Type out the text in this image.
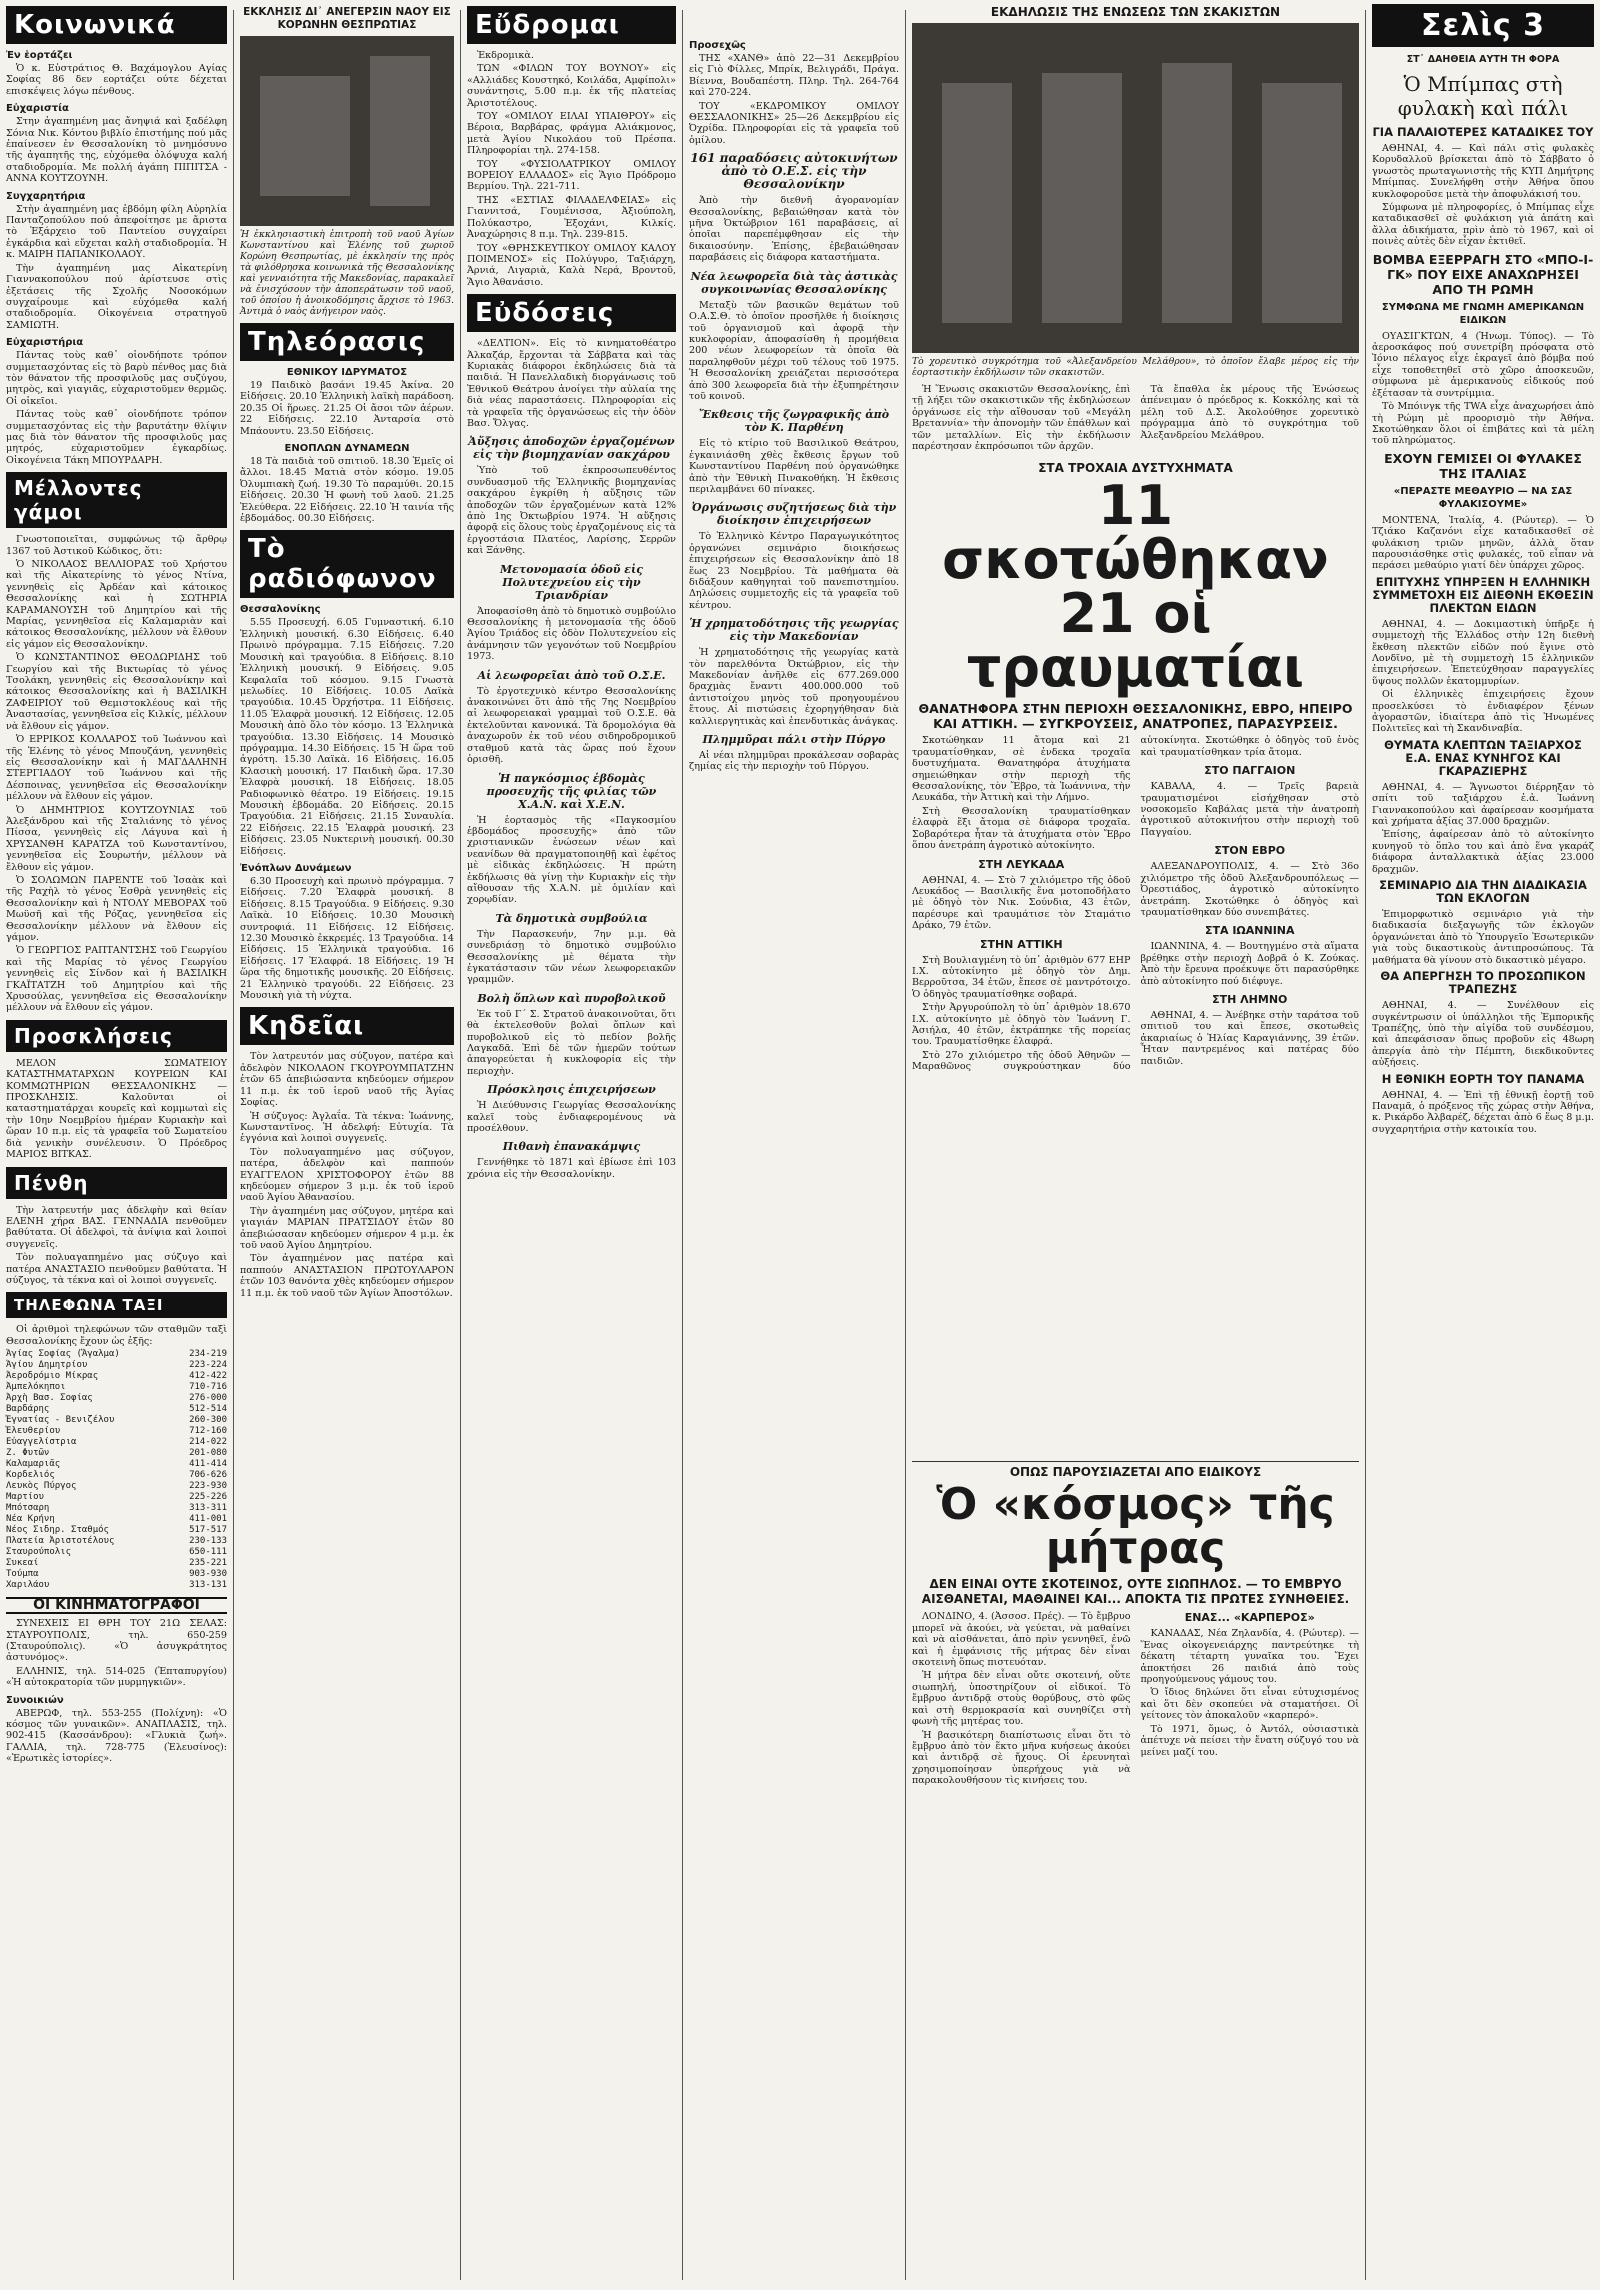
Κοινωνικά
Ἐν ἑορτάζει

Ὁ κ. Εὐστράτιος Θ. Βαχάμογλου Αγίας Σοφίας 86 δεν εορτάζει ούτε δέχεται επισκέψεις λόγω πένθους.

Εὐχαριστία

Στην ἀγαπημένη μας ἄνηψιά καὶ ξαδέλφη Σόνια Νικ. Κόντου βιβλίο ἐπιστήμης πού μᾶς ἐπαίνεσεν ἐν Θεσσαλονίκη τὸ μνημόσυνο τῆς ἀγαπητῆς της, εὐχόμεθα ὁλόψυχα καλή σταδιοδρομία. Με πολλή ἀγάπη ΠΙΠΙΤΣΑ - ΑΝΝΑ ΚΟΥΤΖΟΥΝΗ.

Συγχαρητήρια

Στὴν ἀγαπημένη μας ἐβδόμη φίλη Αὐρηλία Πανταζοπούλου πού ἀπεφοίτησε με ἄριστα τὸ Ἐξάρχειο τοῦ Παντείου συγχαίρει ἐγκάρδια καὶ εὔχεται καλὴ σταδιοδρομία. Ἡ κ. ΜΑΙΡΗ ΠΑΠΑΝΙΚΟΛΑΟΥ.

Τὴν ἀγαπημένη μας Αἰκατερίνη Γιαννακοπούλου πού ἀρίστευσε στὶς ἐξετάσεις τῆς Σχολῆς Νοσοκόμων συγχαίρουμε καὶ εὐχόμεθα καλή σταδιοδρομία. Οἰκογένεια στρατηγοῦ ΣΑΜΙΩΤΗ.

Εὐχαριστήρια

Πάντας τοὺς καθ᾽ οἱονδήποτε τρόπον συμμετασχόντας εἰς τὸ βαρὺ πένθος μας διὰ τὸν θάνατον τῆς προσφιλοῦς μας συζύγου, μητρὸς, καὶ γιαγιᾶς, εὐχαριστοῦμεν θερμῶς. Οἱ οἰκεῖοι.

Πάντας τοὺς καθ᾽ οἱονδήποτε τρόπον συμμετασχόντας εἰς τὴν βαρυτάτην θλίψιν μας διὰ τὸν θάνατον τῆς προσφιλοῦς μας μητρός, εὐχαριστοῦμεν ἐγκαρδίως. Οἰκογένεια Τάκη ΜΠΟΥΡΔΑΡΗ.

Μέλλοντες γάμοι

Γνωστοποιεῖται, συμφώνως τῷ ἄρθρῳ 1367 τοῦ Ἀστικοῦ Κώδικος, ὅτι:

Ὁ ΝΙΚΟΛΑΟΣ ΒΕΛΛΙΟΡΑΣ τοῦ Χρήστου καὶ τῆς Αἰκατερίνης τὸ γένος Ντίνα, γεννηθεὶς εἰς Ἀρδέαν καὶ κάτοικος Θεσσαλονίκης καὶ ἡ ΣΩΤΗΡΙΑ ΚΑΡΑΜΑΝΟΥΣΗ τοῦ Δημητρίου καὶ τῆς Μαρίας, γεννηθεῖσα εἰς Καλαμαριὰν καὶ κάτοικος Θεσσαλονίκης, μέλλουν νὰ ἔλθουν εἰς γάμον εἰς Θεσσαλονίκην.

Ὁ ΚΩΝΣΤΑΝΤΙΝΟΣ ΘΕΟΔΩΡΙΔΗΣ τοῦ Γεωργίου καὶ τῆς Βικτωρίας τὸ γένος Τσολάκη, γεννηθεὶς εἰς Θεσσαλονίκην καὶ κάτοικος Θεσσαλονίκης καὶ ἡ ΒΑΣΙΛΙΚΗ ΖΑΦΕΙΡΙΟΥ τοῦ Θεμιστοκλέους καὶ τῆς Ἀναστασίας, γεννηθεῖσα εἰς Κιλκίς, μέλλουν νὰ ἔλθουν εἰς γάμον.

Ὁ ΕΡΡΙΚΟΣ ΚΟΛΛΑΡΟΣ τοῦ Ἰωάννου καὶ τῆς Ἑλένης τὸ γένος Μπουζάνη, γεννηθεὶς εἰς Θεσσαλονίκην καὶ ἡ ΜΑΓΔΑΛΗΝΗ ΣΤΕΡΓΙΑΔΟΥ τοῦ Ἰωάννου καὶ τῆς Δέσποινας, γεννηθεῖσα εἰς Θεσσαλονίκην μέλλουν νὰ ἔλθουν εἰς γάμον.

Ὁ ΔΗΜΗΤΡΙΟΣ ΚΟΥΤΖΟΥΝΙΑΣ τοῦ Ἀλεξάνδρου καὶ τῆς Σταλιάνης τὸ γένος Πίσσα, γεννηθεὶς εἰς Λάγυνα καὶ ἡ ΧΡΥΣΑΝΘΗ ΚΑΡΑΤΖΑ τοῦ Κωνσταντίνου, γεννηθεῖσα εἰς Σουρωτήν, μέλλουν νὰ ἔλθουν εἰς γάμον.

Ὁ ΣΟΛΩΜΩΝ ΠΑΡΕΝΤΕ τοῦ Ἰσαὰκ καὶ τῆς Ραχὴλ τὸ γένος Ἐσθρὰ γεννηθεὶς εἰς Θεσσαλονίκην καὶ ἡ ΝΤΟΛΥ ΜΕΒΟΡΑΧ τοῦ Μωϋσῆ καὶ τῆς Ρόζας, γεννηθεῖσα εἰς Θεσσαλονίκην μέλλουν νὰ ἔλθουν εἰς γάμον.

Ὁ ΓΕΩΡΓΙΟΣ ΡΑΠΤΑΝΤΣΗΣ τοῦ Γεωργίου καὶ τῆς Μαρίας τὸ γένος Γεωργίου γεννηθεὶς εἰς Σίνδον καὶ ἡ ΒΑΣΙΛΙΚΗ ΓΚΑΪΤΑΤΖΗ τοῦ Δημητρίου καὶ τῆς Χρυσούλας, γεννηθεῖσα εἰς Θεσσαλονίκην μέλλουν νὰ ἔλθουν εἰς γάμον.

Προσκλήσεις

ΜΕΛΟΝ ΣΩΜΑΤΕΙΟΥ ΚΑΤΑΣΤΗΜΑΤΑΡΧΩΝ ΚΟΥΡΕΙΩΝ ΚΑΙ ΚΟΜΜΩΤΗΡΙΩΝ ΘΕΣΣΑΛΟΝΙΚΗΣ — ΠΡΟΣΚΛΗΣΙΣ. Καλοῦνται οἱ καταστηματάρχαι κουρεῖς καὶ κομμωταὶ εἰς τὴν 10ην Νοεμβρίου ἡμέραν Κυριακὴν καὶ ὥραν 10 π.μ. εἰς τὰ γραφεῖα τοῦ Σωματείου διὰ γενικὴν συνέλευσιν. Ὁ Πρόεδρος ΜΑΡΙΟΣ ΒΙΤΚΑΣ.

Πένθη

Τὴν λατρευτήν μας ἀδελφὴν καὶ θείαν ΕΛΕΝΗ χήρα ΒΑΣ. ΓΕΝΝΑΔΙΑ πενθοῦμεν βαθύτατα. Οἱ ἀδελφοὶ, τὰ ἀνίψια καὶ λοιποὶ συγγενεῖς.

Τὸν πολυαγαπημένο μας σύζυγο καὶ πατέρα ΑΝΑΣΤΑΣΙΟ πενθοῦμεν βαθύτατα. Ἡ σύζυγος, τὰ τέκνα καὶ οἱ λοιποὶ συγγενεῖς.

ΤΗΛΕΦΩΝΑ ΤΑΞΙ

Οἱ ἀριθμοὶ τηλεφώνων τῶν σταθμῶν ταξὶ Θεσσαλονίκης ἔχουν ὡς ἑξῆς:

Ἁγίας Σοφίας (Ἄγαλμα)	234-219
Ἁγίου Δημητρίου	223-224
Ἀεροδρόμιο Μίκρας	412-422
Ἀμπελόκηποι	710-716
Ἀρχὴ Βασ. Σοφίας	276-000
Βαρδάρης	512-514
Ἐγνατίας - Βενιζέλου	260-300
Ἑλευθερίου	712-160
Εὐαγγελίστρια	214-022
Ζ. Φυτῶν	201-080
Καλαμαριᾶς	411-414
Κορδελιός	706-626
Λευκὸς Πύργος	223-930
Μαρτίου	225-226
Μπότσαρη	313-311
Νέα Κρήνη	411-001
Νέος Σιδηρ. Σταθμός	517-517
Πλατεία Ἀριστοτέλους	230-133
Σταυρούπολις	650-111
Συκεαί	235-221
Τούμπα	903-930
Χαριλάου	313-131
ΟΙ ΚΙΝΗΜΑΤΟΓΡΑΦΟΙ

ΣΥΝΕΧΕΙΣ ΕΙ ΘΡΗ ΤΟΥ 21Ω ΣΕΛΑΣ: ΣΤΑΥΡΟΥΠΟΛΙΣ, τηλ. 650-259 (Σταυρούπολις). «Ὁ ἀσυγκράτητος ἀστυνόμος».

ΕΛΛΗΝΙΣ, τηλ. 514-025 (Ἐπταπυργίου) «Ἡ αὐτοκρατορία τῶν μυρμηγκιῶν».

Συνοικιών

ΑΒΕΡΩΦ, τηλ. 553-255 (Πολίχνη): «Ὁ κόσμος τῶν γυναικῶν». ΑΝΑΠΛΑΣΙΣ, τηλ. 902-415 (Κασσάνδρου): «Γλυκιὰ ζωή». ΓΑΛΛΙΑ, τηλ. 728-775 (Ἐλευσίνος): «Ἐρωτικὲς ἱστορίες».

ΕΚΚΛΗΣΙΣ ΔΙ᾽ ΑΝΕΓΕΡΣΙΝ ΝΑΟΥ ΕΙΣ ΚΟΡΩΝΗΝ ΘΕΣΠΡΩΤΙΑΣ
Ἡ ἐκκλησιαστικὴ ἐπιτροπὴ τοῦ ναοῦ Ἁγίων Κωνσταντίνου καὶ Ἑλένης τοῦ χωριοῦ Κορώνη Θεσπρωτίας, μὲ ἐκκλησίν της πρὸς τὰ φιλόθρησκα κοινωνικὰ τῆς Θεσσαλονίκης καὶ γενναιότητα τῆς Μακεδονίας, παρακαλεῖ νὰ ἐνισχύσουν τὴν ἀποπεράτωσιν τοῦ ναοῦ, τοῦ ὁποίου ἡ ἀνοικοδόμησις ἄρχισε τὸ 1963. Ἀντιμὰ ὁ ναὸς ἀνήγειρον ναὸς.
Τηλεόρασις
ΕΘΝΙΚΟΥ ΙΔΡΥΜΑΤΟΣ

19 Παιδικὸ βασάνι 19.45 Ἀκίνα. 20 Εἰδήσεις. 20.10 Ἑλληνικὴ λαϊκὴ παράδοση. 20.35 Οἱ ἥρωες. 21.25 Οἱ ἄσοι τῶν ἀέρων. 22 Εἰδήσεις. 22.10 Ἀνταρσία στὸ Μπάουντυ. 23.50 Εἰδήσεις.

ΕΝΟΠΛΩΝ ΔΥΝΑΜΕΩΝ

18 Τὰ παιδιὰ τοῦ σπιτιοῦ. 18.30 Ἐμεῖς οἱ ἄλλοι. 18.45 Ματιὰ στὸν κόσμο. 19.05 Ὀλυμπιακὴ ζωή. 19.30 Τὸ παραμύθι. 20.15 Εἰδήσεις. 20.30 Ἡ φωνὴ τοῦ λαοῦ. 21.25 Ἐλεύθερα. 22 Εἰδήσεις. 22.10 Ἡ ταινία τῆς ἑβδομάδος. 00.30 Εἰδήσεις.

Τὸ ραδιόφωνον
Θεσσαλονίκης

5.55 Προσευχή. 6.05 Γυμναστική. 6.10 Ἑλληνικὴ μουσική. 6.30 Εἰδήσεις. 6.40 Πρωινὸ πρόγραμμα. 7.15 Εἰδήσεις. 7.20 Μουσικὴ καὶ τραγούδια. 8 Εἰδήσεις. 8.10 Ἑλληνικὴ μουσική. 9 Εἰδήσεις. 9.05 Κεφαλαῖα τοῦ κόσμου. 9.15 Γνωστὰ μελωδίες. 10 Εἰδήσεις. 10.05 Λαϊκὰ τραγούδια. 10.45 Ὀρχήστρα. 11 Εἰδήσεις. 11.05 Ἐλαφρὰ μουσική. 12 Εἰδήσεις. 12.05 Μουσικὴ ἀπὸ ὅλο τὸν κόσμο. 13 Ἑλληνικὰ τραγούδια. 13.30 Εἰδήσεις. 14 Μουσικὸ πρόγραμμα. 14.30 Εἰδήσεις. 15 Ἡ ὥρα τοῦ ἀγρότη. 15.30 Λαϊκὰ. 16 Εἰδήσεις. 16.05 Κλασικὴ μουσική. 17 Παιδικὴ ὥρα. 17.30 Ἐλαφρὰ μουσική. 18 Εἰδήσεις. 18.05 Ραδιοφωνικὸ θέατρο. 19 Εἰδήσεις. 19.15 Μουσικὴ ἑβδομάδα. 20 Εἰδήσεις. 20.15 Τραγούδια. 21 Εἰδήσεις. 21.15 Συναυλία. 22 Εἰδήσεις. 22.15 Ἐλαφρὰ μουσική. 23 Εἰδήσεις. 23.05 Νυκτερινὴ μουσική. 00.30 Εἰδήσεις.

Ἐνόπλων Δυνάμεων

6.30 Προσευχὴ καὶ πρωινὸ πρόγραμμα. 7 Εἰδήσεις. 7.20 Ἐλαφρὰ μουσική. 8 Εἰδήσεις. 8.15 Τραγούδια. 9 Εἰδήσεις. 9.30 Λαϊκὰ. 10 Εἰδήσεις. 10.30 Μουσικὴ συντροφιά. 11 Εἰδήσεις. 12 Εἰδήσεις. 12.30 Μουσικὸ ἐκκρεμές. 13 Τραγούδια. 14 Εἰδήσεις. 15 Ἑλληνικὰ τραγούδια. 16 Εἰδήσεις. 17 Ἐλαφρά. 18 Εἰδήσεις. 19 Ἡ ὥρα τῆς δημοτικῆς μουσικῆς. 20 Εἰδήσεις. 21 Ἑλληνικὸ τραγούδι. 22 Εἰδήσεις. 23 Μουσικὴ γιὰ τὴ νύχτα.

Κηδεῖαι

Τὸν λατρευτόν μας σύζυγον, πατέρα καὶ ἀδελφὸν ΝΙΚΟΛΑΟΝ ΓΚΟΥΡΟΥΜΠΑΤΖΗΝ ἐτῶν 65 ἀπεβιώσαντα κηδεύομεν σήμερον 11 π.μ. ἐκ τοῦ ἱεροῦ ναοῦ τῆς Ἁγίας Σοφίας.

Ἡ σύζυγος: Ἀγλαΐα. Τὰ τέκνα: Ἰωάννης, Κωνσταντῖνος. Ἡ ἀδελφή: Εὐτυχία. Τὰ ἐγγόνια καὶ λοιποὶ συγγενεῖς.

Τὸν πολυαγαπημένο μας σύζυγον, πατέρα, ἀδελφὸν καὶ παππούν ΕΥΑΓΓΕΛΟΝ ΧΡΙΣΤΟΦΟΡΟΥ ἐτῶν 88 κηδεύομεν σήμερον 3 μ.μ. ἐκ τοῦ ἱεροῦ ναοῦ Ἁγίου Ἀθανασίου.

Τὴν ἀγαπημένη μας σύζυγον, μητέρα καὶ γιαγιάν ΜΑΡΙΑΝ ΠΡΑΤΣΙΔΟΥ ἐτῶν 80 ἀπεβιώσασαν κηδεύομεν σήμερον 4 μ.μ. ἐκ τοῦ ναοῦ Ἁγίου Δημητρίου.

Τὸν ἀγαπημένον μας πατέρα καὶ παππούν ΑΝΑΣΤΑΣΙΟΝ ΠΡΩΤΟΥΛΑΡΟΝ ἐτῶν 103 θανόντα χθὲς κηδεύομεν σήμερον 11 π.μ. ἐκ τοῦ ναοῦ τῶν Ἁγίων Ἀποστόλων.

Εὔδρομαι

Ἐκδρομικὰ.

ΤΩΝ «ΦΙΛΩΝ ΤΟΥ ΒΟΥΝΟΥ» εἰς «Αλλιάδες Κουστηκό, Κοιλάδα, Αμφίπολι» συνάντησις, 5.00 π.μ. ἐκ τῆς πλατείας Ἀριστοτέλους.

ΤΟΥ «ΟΜΙΛΟΥ ΕΙΛΑΙ ΥΠΑΙΘΡΟΥ» εἰς Βέροια, Βαρβάρας, φράγμα Αλιάκμονος, μετὰ Ἁγίου Νικολάου τοῦ Πρέσπα. Πληροφορίαι τηλ. 274-158.

ΤΟΥ «ΦΥΣΙΟΛΑΤΡΙΚΟΥ ΟΜΙΛΟΥ ΒΟΡΕΙΟΥ ΕΛΛΑΔΟΣ» εἰς Ἅγιο Πρόδρομο Βερμίου. Τηλ. 221-711.

ΤΗΣ «ΕΣΤΙΑΣ ΦΙΛΑΔΕΛΦΕΙΑΣ» εἰς Γιαννιτσά, Γουμένισσα, Ἀξιούπολη, Πολύκαστρο, Ἐξοχάνι, Κιλκίς. Ἀναχώρησις 8 π.μ. Τηλ. 239-815.

ΤΟΥ «ΘΡΗΣΚΕΥΤΙΚΟΥ ΟΜΙΛΟΥ ΚΑΛΟΥ ΠΟΙΜΕΝΟΣ» εἰς Πολύγυρο, Ταξιάρχη, Ἀρνιά, Λιγαριὰ, Καλὰ Νερά, Βροντοῦ, Ἅγιο Ἀθανάσιο.

Εὐδόσεις

«ΔΕΛΤΙΟΝ». Εἰς τὸ κινηματοθέατρο Ἀλκαζάρ, ἔρχονται τὰ Σάββατα καὶ τὰς Κυριακὰς διάφοροι ἐκδηλώσεις διὰ τὰ παιδιά. Ἡ Πανελλαδικὴ διοργάνωσις τοῦ Ἐθνικοῦ Θεάτρου ἀνοίγει τὴν αὐλαία της διὰ νέας παραστάσεις. Πληροφορίαι εἰς τὰ γραφεῖα τῆς ὀργανώσεως εἰς τὴν ὁδὸν Βασ. Ὄλγας.

Ἀὔξησις ἀποδοχῶν ἐργαζομένων εἰς τὴν βιομηχανίαν σακχάρου

Ὑπὸ τοῦ ἐκπροσωπευθέντος συνδυασμοῦ τῆς Ἑλληνικῆς βιομηχανίας σακχάρου ἐγκρίθη ἡ αὔξησις τῶν ἀποδοχῶν τῶν ἐργαζομένων κατὰ 12% ἀπὸ 1ης Ὀκτωβρίου 1974. Ἡ αὔξησις ἀφορᾷ εἰς ὅλους τοὺς ἐργαζομένους εἰς τὰ ἐργοστάσια Πλατέος, Λαρίσης, Σερρῶν καὶ Ξάνθης.

Μετονομασία ὁδοῦ εἰς Πολυτεχνείου εἰς τὴν Τριανδρίαν

Ἀποφασίσθη ἀπὸ τὸ δημοτικὸ συμβούλιο Θεσσαλονίκης ἡ μετονομασία τῆς ὁδοῦ Ἁγίου Τριάδος εἰς ὁδὸν Πολυτεχνείου εἰς ἀνάμνησιν τῶν γεγονότων τοῦ Νοεμβρίου 1973.

Αἱ λεωφορεῖαι ἀπὸ τοῦ Ο.Σ.Ε.

Τὸ ἐργοτεχνικὸ κέντρο Θεσσαλονίκης ἀνακοινώνει ὅτι ἀπὸ τῆς 7ης Νοεμβρίου αἱ λεωφορειακαὶ γραμμαὶ τοῦ Ο.Σ.Ε. θὰ ἐκτελοῦνται κανονικά. Τὰ δρομολόγια θὰ ἀναχωροῦν ἐκ τοῦ νέου σιδηροδρομικοῦ σταθμοῦ κατὰ τὰς ὥρας πού ἔχουν ὁρισθῆ.

Ἡ παγκόσμιος ἑβδομὰς προσευχῆς τῆς φιλίας τῶν Χ.Α.Ν. καὶ Χ.Ε.Ν.

Ἡ ἑορτασμὸς τῆς «Παγκοσμίου ἑβδομάδος προσευχῆς» ἀπὸ τῶν χριστιανικῶν ἑνώσεων νέων καὶ νεανίδων θὰ πραγματοποιηθῇ καὶ ἐφέτος μὲ εἰδικὰς ἐκδηλώσεις. Ἡ πρώτη ἐκδήλωσις θὰ γίνῃ τὴν Κυριακὴν εἰς τὴν αἴθουσαν τῆς Χ.Α.Ν. μὲ ὁμιλίαν καὶ χορῳδίαν.

Τὰ δημοτικὰ συμβούλια

Τὴν Παρασκευήν, 7ην μ.μ. θὰ συνεδριάσῃ τὸ δημοτικὸ συμβούλιο Θεσσαλονίκης μὲ θέματα τὴν ἐγκατάστασιν τῶν νέων λεωφορειακῶν γραμμῶν.

Βολὴ ὅπλων καὶ πυροβολικοῦ

Ἐκ τοῦ Γ΄ Σ. Στρατοῦ ἀνακοινοῦται, ὅτι θὰ ἐκτελεσθοῦν βολαὶ ὅπλων καὶ πυροβολικοῦ εἰς τὸ πεδίον βολῆς Λαγκαδᾶ. Ἐπὶ δὲ τῶν ἡμερῶν τούτων ἀπαγορεύεται ἡ κυκλοφορία εἰς τὴν περιοχὴν.

Πρόσκλησις ἐπιχειρήσεων

Ἡ Διεύθυνσις Γεωργίας Θεσσαλονίκης καλεῖ τοὺς ἐνδιαφερομένους νὰ προσέλθουν.

Πιθανὴ ἐπανακάμψις

Γεννήθηκε τὸ 1871 καὶ ἐβίωσε ἐπὶ 103 χρόνια εἰς τὴν Θεσσαλονίκην.

Προσεχῶς

ΤΗΣ «ΧΑΝΘ» ἀπὸ 22—31 Δεκεμβρίου εἰς Γιὸ Φίλλες, Μπρίκ, Βελιγράδι, Πράγα. Βίεννα, Βουδαπέστη. Πληρ. Τηλ. 264-764 καὶ 270-224.

ΤΟΥ «ΕΚΔΡΟΜΙΚΟΥ ΟΜΙΛΟΥ ΘΕΣΣΑΛΟΝΙΚΗΣ» 25—26 Δεκεμβρίου εἰς Ὀχρίδα. Πληροφορίαι εἰς τὰ γραφεῖα τοῦ ὁμίλου.

161 παραδόσεις αὐτοκινήτων ἀπὸ τὸ Ο.Ε.Σ. εἰς τὴν Θεσσαλονίκην

Ἀπὸ τὴν διεθνῆ ἀγορανομίαν Θεσσαλονίκης, βεβαιώθησαν κατὰ τὸν μῆνα Ὀκτώβριον 161 παραβάσεις, αἱ ὁποῖαι παρεπέμφθησαν εἰς τὴν δικαιοσύνην. Ἐπίσης, ἐβεβαιώθησαν παραβάσεις εἰς διάφορα καταστήματα.

Νέα λεωφορεῖα διὰ τὰς ἀστικὰς συγκοινωνίας Θεσσαλονίκης

Μεταξὺ τῶν βασικῶν θεμάτων τοῦ Ο.Α.Σ.Θ. τὸ ὁποῖον προσῆλθε ἡ διοίκησις τοῦ ὀργανισμοῦ καὶ ἀφορᾷ τὴν κυκλοφορίαν, ἀποφασίσθη ἡ προμήθεια 200 νέων λεωφορείων τὰ ὁποῖα θὰ παραληφθοῦν μέχρι τοῦ τέλους τοῦ 1975. Ἡ Θεσσαλονίκη χρειάζεται περισσότερα ἀπὸ 300 λεωφορεῖα διὰ τὴν ἐξυπηρέτησιν τοῦ κοινοῦ.

Ἔκθεσις τῆς ζωγραφικῆς ἀπὸ τὸν Κ. Παρθένη

Εἰς τὸ κτίριο τοῦ Βασιλικοῦ Θεάτρου, ἐγκαινιάσθη χθὲς ἔκθεσις ἔργων τοῦ Κωνσταντίνου Παρθένη πού ὀργανώθηκε ἀπὸ τὴν Ἐθνικὴ Πινακοθήκη. Ἡ ἔκθεσις περιλαμβάνει 60 πίνακες.

Ὀργάνωσις συζητήσεως διὰ τὴν διοίκησιν ἐπιχειρήσεων

Τὸ Ἑλληνικὸ Κέντρο Παραγωγικότητος ὀργανώνει σεμινάριο διοικήσεως ἐπιχειρήσεων εἰς Θεσσαλονίκην ἀπὸ 18 ἕως 23 Νοεμβρίου. Τὰ μαθήματα θὰ διδάξουν καθηγηταὶ τοῦ πανεπιστημίου. Δηλώσεις συμμετοχῆς εἰς τὰ γραφεῖα τοῦ κέντρου.

Ἡ χρηματοδότησις τῆς γεωργίας εἰς τὴν Μακεδονίαν

Ἡ χρηματοδότησις τῆς γεωργίας κατὰ τὸν παρελθόντα Ὀκτώβριον, εἰς τὴν Μακεδονίαν ἀνῆλθε εἰς 677.269.000 δραχμὰς ἔναντι 400.000.000 τοῦ ἀντιστοίχου μηνὸς τοῦ προηγουμένου ἔτους. Αἱ πιστώσεις ἐχορηγήθησαν διὰ καλλιεργητικὰς καὶ ἐπενδυτικὰς ἀνάγκας.

Πλημμῦραι πάλι στὴν Πύργο

Αἱ νέαι πλημμῦραι προκάλεσαν σοβαρὰς ζημίας εἰς τὴν περιοχὴν τοῦ Πύργου.

ΕΚΔΗΛΩΣΙΣ ΤΗΣ ΕΝΩΣΕΩΣ ΤΩΝ ΣΚΑΚΙΣΤΩΝ
Τὸ χορευτικὸ συγκρότημα τοῦ «Ἀλεξανδρείου Μελάθρου», τὸ ὁποῖον ἔλαβε μέρος εἰς τὴν ἑορταστικὴν ἐκδήλωσιν τῶν σκακιστῶν.

Ἡ Ἕνωσις σκακιστῶν Θεσσαλονίκης, ἐπὶ τῇ λήξει τῶν σκακιστικῶν τῆς ἐκδηλώσεων ὀργάνωσε εἰς τὴν αἴθουσαν τοῦ «Μεγάλη Βρεταννία» τὴν ἀπονομὴν τῶν ἐπάθλων καὶ τῶν μεταλλίων. Εἰς τὴν ἐκδήλωσιν παρέστησαν ἐκπρόσωποι τῶν ἀρχῶν.

Τὰ ἔπαθλα ἐκ μέρους τῆς Ἑνώσεως ἀπένειμαν ὁ πρόεδρος κ. Κοκκόλης καὶ τὰ μέλη τοῦ Δ.Σ. Ἀκολούθησε χορευτικὸ πρόγραμμα ἀπὸ τὸ συγκρότημα τοῦ Ἀλεξανδρείου Μελάθρου.

ΣΤΑ ΤΡΟΧΑΙΑ ΔΥΣΤΥΧΗΜΑΤΑ
11 σκοτώθηκαν
21 οἱ τραυματίαι
ΘΑΝΑΤΗΦΟΡΑ ΣΤΗΝ ΠΕΡΙΟΧΗ ΘΕΣΣΑΛΟΝΙΚΗΣ, ΕΒΡΟ, ΗΠΕΙΡΟ ΚΑΙ ΑΤΤΙΚΗ. — ΣΥΓΚΡΟΥΣΕΙΣ, ΑΝΑΤΡΟΠΕΣ, ΠΑΡΑΣΥΡΣΕΙΣ.

Σκοτώθηκαν 11 ἄτομα καὶ 21 τραυματίσθηκαν, σὲ ἐνδεκα τροχαῖα δυστυχήματα. Θανατηφόρα ἀτυχήματα σημειώθηκαν στὴν περιοχὴ τῆς Θεσσαλονίκης, τὸν Ἔβρο, τὰ Ἰωάννινα, τὴν Λευκάδα, τὴν Ἀττικὴ καὶ τὴν Λήμνο.

Στὴ Θεσσαλονίκη τραυματίσθηκαν ἐλαφρὰ ἕξι ἄτομα σὲ διάφορα τροχαῖα. Σοβαρότερα ἦταν τὰ ἀτυχήματα στὸν Ἔβρο ὅπου ἀνετράπη ἀγροτικὸ αὐτοκίνητο.

ΣΤΗ ΛΕΥΚΑΔΑ

ΑΘΗΝΑΙ, 4. — Στὸ 7 χιλιόμετρο τῆς ὁδοῦ Λευκάδος — Βασιλικῆς ἕνα μοτοποδήλατο μὲ ὁδηγὸ τὸν Νικ. Σούνδια, 43 ἐτῶν, παρέσυρε καὶ τραυμάτισε τὸν Σταμάτιο Δράκο, 79 ἐτῶν.

ΣΤΗΝ ΑΤΤΙΚΗ

Στὴ Βουλιαγμένη τὸ ὑπ᾽ ἀριθμὸν 677 ΕΗΡ Ι.Χ. αὐτοκίνητο μὲ ὁδηγὸ τὸν Δημ. Βερροῦτσα, 34 ἐτῶν, ἔπεσε σὲ μαντρότοιχο. Ὁ ὁδηγὸς τραυματίσθηκε σοβαρά.

Στὴν Ἀργυρούπολη τὸ ὑπ᾽ ἀριθμὸν 18.670 Ι.Χ. αὐτοκίνητο μὲ ὁδηγὸ τὸν Ἰωάννη Γ. Ἀσιήλα, 40 ἐτῶν, ἐκτράπηκε τῆς πορείας του. Τραυματίσθηκε ἐλαφρά.

Στὸ 27ο χιλιόμετρο τῆς ὁδοῦ Ἀθηνῶν — Μαραθῶνος συγκρούστηκαν δύο αὐτοκίνητα. Σκοτώθηκε ὁ ὁδηγὸς τοῦ ἑνὸς καὶ τραυματίσθηκαν τρία ἄτομα.

ΣΤΟ ΠΑΓΓΑΙΟΝ

ΚΑΒΑΛΑ, 4. — Τρεῖς βαρειὰ τραυματισμένοι εἰσήχθησαν στὸ νοσοκομεῖο Καβάλας μετὰ τὴν ἀνατροπὴ ἀγροτικοῦ αὐτοκινήτου στὴν περιοχὴ τοῦ Παγγαίου.

ΣΤΟΝ ΕΒΡΟ

ΑΛΕΞΑΝΔΡΟΥΠΟΛΙΣ, 4. — Στὸ 36ο χιλιόμετρο τῆς ὁδοῦ Ἀλεξανδρουπόλεως — Ὀρεστιάδος, ἀγροτικὸ αὐτοκίνητο ἀνετράπη. Σκοτώθηκε ὁ ὁδηγὸς καὶ τραυματίσθηκαν δύο συνεπιβάτες.

ΣΤΑ ΙΩΑΝΝΙΝΑ

ΙΩΑΝΝΙΝΑ, 4. — Βουτηγμένο στὰ αἵματα βρέθηκε στὴν περιοχὴ Δοβρᾶ ὁ Κ. Ζούκας. Ἀπὸ τὴν ἔρευνα προέκυψε ὅτι παρασύρθηκε ἀπὸ αὐτοκίνητο πού διέφυγε.

ΣΤΗ ΛΗΜΝΟ

ΑΘΗΝΑΙ, 4. — Ἀνέβηκε στὴν ταράτσα τοῦ σπιτιοῦ του καὶ ἔπεσε, σκοτωθεὶς ἀκαριαίως ὁ Ἠλίας Καραγιάννης, 39 ἐτῶν. Ἦταν παντρεμένος καὶ πατέρας δύο παιδιῶν.

ΟΠΩΣ ΠΑΡΟΥΣΙΑΖΕΤΑΙ ΑΠΟ ΕΙΔΙΚΟΥΣ
Ὁ «κόσμος» τῆς μήτρας
ΔΕΝ ΕΙΝΑΙ ΟΥΤΕ ΣΚΟΤΕΙΝΟΣ, ΟΥΤΕ ΣΙΩΠΗΛΟΣ. — ΤΟ ΕΜΒΡΥΟ ΑΙΣΘΑΝΕΤΑΙ, ΜΑΘΑΙΝΕΙ ΚΑΙ... ΑΠΟΚΤΑ ΤΙΣ ΠΡΩΤΕΣ ΣΥΝΗΘΕΙΕΣ.

ΛΟΝΔΙΝΟ, 4. (Ἀσσοσ. Πρές). — Τὸ ἔμβρυο μπορεῖ νὰ ἀκούει, νὰ γεύεται, νὰ μαθαίνει καὶ νὰ αἰσθάνεται, ἀπὸ πρὶν γεννηθεῖ, ἐνῶ καὶ ἡ ἐμφάνισις τῆς μήτρας δὲν εἶναι σκοτεινὴ ὅπως πιστευόταν.

Ἡ μήτρα δὲν εἶναι οὔτε σκοτεινή, οὔτε σιωπηλή, ὑποστηρίζουν οἱ εἰδικοί. Τὸ ἔμβρυο ἀντιδρᾷ στοὺς θορύβους, στὸ φῶς καὶ στὴ θερμοκρασία καὶ συνηθίζει στὴ φωνὴ τῆς μητέρας του.

Ἡ βασικότερη διαπίστωσις εἶναι ὅτι τὸ ἔμβρυο ἀπὸ τὸν ἕκτο μῆνα κυήσεως ἀκούει καὶ ἀντιδρᾷ σὲ ἤχους. Οἱ ἐρευνηταὶ χρησιμοποίησαν ὑπερήχους γιὰ νὰ παρακολουθήσουν τὶς κινήσεις του.

ΕΝΑΣ... «ΚΑΡΠΕΡΟΣ»

ΚΑΝΑΔΑΣ, Νέα Ζηλανδία, 4. (Ρώυτερ). — Ἕνας οἰκογενειάρχης παντρεύτηκε τὴ δέκατη τέταρτη γυναῖκα του. Ἔχει ἀποκτήσει 26 παιδιά ἀπὸ τοὺς προηγούμενους γάμους του.

Ὁ ἴδιος δηλώνει ὅτι εἶναι εὐτυχισμένος καὶ ὅτι δὲν σκοπεύει νὰ σταματήσει. Οἱ γείτονες τὸν ἀποκαλοῦν «καρπερό».

Τὸ 1971, ὅμως, ὁ Ἀντόλ, οὐσιαστικὰ ἀπέτυχε νὰ πείσει τὴν ἔνατη σύζυγό του νὰ μείνει μαζί του.

Σελὶς 3
ΣΤ᾽ ΔΑΗΘΕΙΑ ΑΥΤΗ ΤΗ ΦΟΡΑ
Ὁ Μπίμπας στὴ φυλακὴ καὶ πάλι
ΓΙΑ ΠΑΛΑΙΟΤΕΡΕΣ ΚΑΤΑΔΙΚΕΣ ΤΟΥ

ΑΘΗΝΑΙ, 4. — Καὶ πάλι στὶς φυλακὲς Κορυδαλλοῦ βρίσκεται ἀπὸ τὸ Σάββατο ὁ γνωστὸς πρωταγωνιστὴς τῆς ΚΥΠ Δημήτρης Μπίμπας. Συνελήφθη στὴν Ἀθήνα ὅπου κυκλοφοροῦσε μετὰ τὴν ἀποφυλάκισή του.

Σύμφωνα μὲ πληροφορίες, ὁ Μπίμπας εἶχε καταδικασθεῖ σὲ φυλάκιση γιὰ ἀπάτη καὶ ἄλλα ἀδικήματα, πρὶν ἀπὸ τὸ 1967, καὶ οἱ ποινὲς αὐτὲς δὲν εἶχαν ἐκτιθεῖ.

ΒΟΜΒΑ ΕΞΕΡΡΑΓΗ ΣΤΟ «ΜΠΟ-Ι-ΓΚ» ΠΟΥ ΕΙΧΕ ΑΝΑΧΩΡΗΣΕΙ ΑΠΟ ΤΗ ΡΩΜΗ
ΣΥΜΦΩΝΑ ΜΕ ΓΝΩΜΗ ΑΜΕΡΙΚΑΝΩΝ ΕΙΔΙΚΩΝ

ΟΥΑΣΙΓΚΤΩΝ, 4 (Ἡνωμ. Τύπος). — Τὸ ἀεροσκάφος πού συνετρίβη πρόσφατα στὸ Ἰόνιο πέλαγος εἶχε ἐκραγεῖ ἀπὸ βόμβα πού εἶχε τοποθετηθεῖ στὸ χῶρο ἀποσκευῶν, σύμφωνα μὲ ἀμερικανοὺς εἰδικούς πού ἐξέτασαν τὰ συντρίμμια.

Τὸ Μπόινγκ τῆς ΤWA εἶχε ἀναχωρήσει ἀπὸ τὴ Ρώμη μὲ προορισμὸ τὴν Ἀθήνα. Σκοτώθηκαν ὅλοι οἱ ἐπιβάτες καὶ τὰ μέλη τοῦ πληρώματος.

ΕΧΟΥΝ ΓΕΜΙΣΕΙ ΟΙ ΦΥΛΑΚΕΣ ΤΗΣ ΙΤΑΛΙΑΣ
«ΠΕΡΑΣΤΕ ΜΕΘΑΥΡΙΟ — ΝΑ ΣΑΣ ΦΥΛΑΚΙΣΟΥΜΕ»

ΜΟΝΤΕΝΑ, Ἰταλία, 4. (Ρώυτερ). — Ὁ Τζιάκο Καζανόνι εἶχε καταδικασθεῖ σὲ φυλάκιση τριῶν μηνῶν, ἀλλὰ ὅταν παρουσιάσθηκε στὶς φυλακές, τοῦ εἶπαν νὰ περάσει μεθαύριο γιατί δὲν ὑπάρχει χῶρος.

ΕΠΙΤΥΧΗΣ ΥΠΗΡΞΕΝ Η ΕΛΛΗΝΙΚΗ ΣΥΜΜΕΤΟΧΗ ΕΙΣ ΔΙΕΘΝΗ ΕΚΘΕΣΙΝ ΠΛΕΚΤΩΝ ΕΙΔΩΝ

ΑΘΗΝΑΙ, 4. — Δοκιμαστικὴ ὑπῆρξε ἡ συμμετοχὴ τῆς Ἑλλάδος στὴν 12η διεθνὴ ἔκθεση πλεκτῶν εἰδῶν πού ἔγινε στὸ Λονδῖνο, μὲ τὴ συμμετοχὴ 15 ἑλληνικῶν ἐπιχειρήσεων. Ἐπετεύχθησαν παραγγελίες ὕψους πολλῶν ἑκατομμυρίων.

Οἱ ἑλληνικὲς ἐπιχειρήσεις ἔχουν προσελκύσει τὸ ἐνδιαφέρον ξένων ἀγοραστῶν, ἰδιαίτερα ἀπὸ τὶς Ἡνωμένες Πολιτεῖες καὶ τὴ Σκανδιναβία.

ΘΥΜΑΤΑ ΚΛΕΠΤΩΝ ΤΑΞΙΑΡΧΟΣ Ε.Α. ΕΝΑΣ ΚΥΝΗΓΟΣ ΚΑΙ ΓΚΑΡΑΖΙΕΡΗΣ

ΑΘΗΝΑΙ, 4. — Ἄγνωστοι διέρρηξαν τὸ σπίτι τοῦ ταξιάρχου ἐ.ἀ. Ἰωάννη Γιαννακοπούλου καὶ ἀφαίρεσαν κοσμήματα καὶ χρήματα ἀξίας 37.000 δραχμῶν.

Ἐπίσης, ἀφαίρεσαν ἀπὸ τὸ αὐτοκίνητο κυνηγοῦ τὸ ὅπλο του καὶ ἀπὸ ἕνα γκαράζ διάφορα ἀνταλλακτικὰ ἀξίας 23.000 δραχμῶν.

ΣΕΜΙΝΑΡΙΟ ΔΙΑ ΤΗΝ ΔΙΑΔΙΚΑΣΙΑ ΤΩΝ ΕΚΛΟΓΩΝ

Ἐπιμορφωτικὸ σεμινάριο γιὰ τὴν διαδικασία διεξαγωγῆς τῶν ἐκλογῶν ὀργανώνεται ἀπὸ τὸ Ὑπουργεῖο Ἐσωτερικῶν γιὰ τοὺς δικαστικοὺς ἀντιπροσώπους. Τὰ μαθήματα θὰ γίνουν στὸ δικαστικὸ μέγαρο.

ΘΑ ΑΠΕΡΓΗΣΗ ΤΟ ΠΡΟΣΩΠΙΚΟΝ ΤΡΑΠΕΖΗΣ

ΑΘΗΝΑΙ, 4. — Συνέλθουν εἰς συγκέντρωσιν οἱ ὑπάλληλοι τῆς Ἐμπορικῆς Τραπέζης, ὑπὸ τὴν αἰγίδα τοῦ συνδέσμου, καὶ ἀπεφάσισαν ὅπως προβοῦν εἰς 48ωρη ἀπεργία ἀπὸ τὴν Πέμπτη, διεκδικοῦντες αὐξήσεις.

Η ΕΘΝΙΚΗ ΕΟΡΤΗ ΤΟΥ ΠΑΝΑΜΑ

ΑΘΗΝΑΙ, 4. — Ἐπὶ τῇ ἐθνικῇ ἑορτῇ τοῦ Παναμᾶ, ὁ πρόξενος τῆς χώρας στὴν Ἀθήνα, κ. Ρικάρδο Ἀλβαρέζ, δέχεται ἀπὸ 6 ἕως 8 μ.μ. συγχαρητήρια στὴν κατοικία του.
